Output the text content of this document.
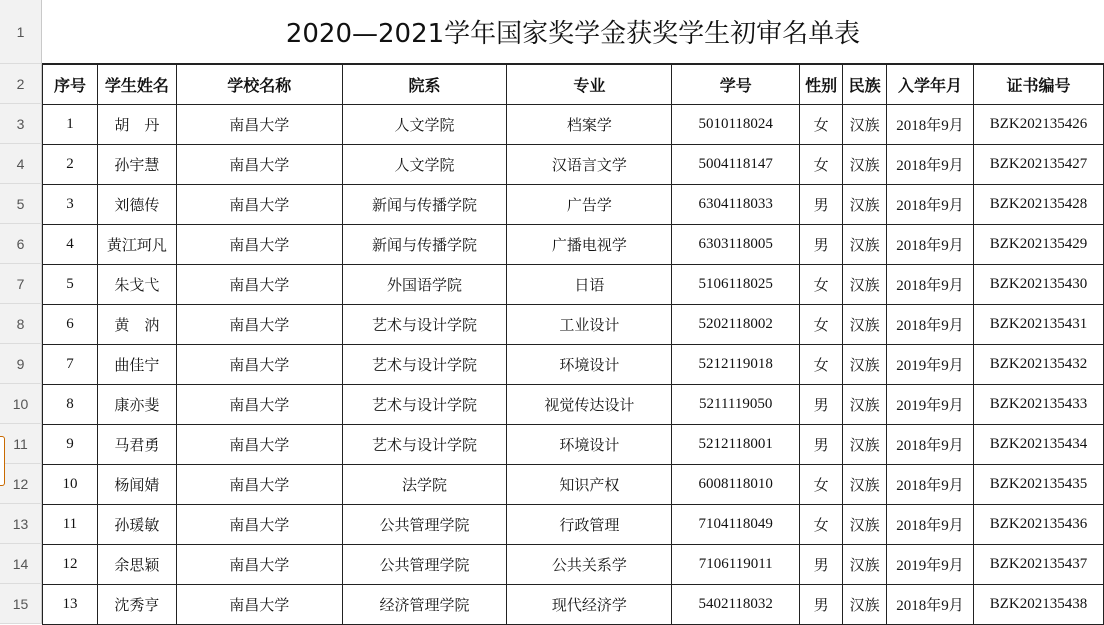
1
2
3
4
5
6
7
8
9
10
11
12
13
14
15
2020—2021学年国家奖学金获奖学生初审名单表
序号	学生姓名	学校名称	院系	专业	学号	性别	民族	入学年月	证书编号
1	胡　丹	南昌大学	人文学院	档案学	5010118024	女	汉族	2018年9月	BZK202135426
2	孙宇慧	南昌大学	人文学院	汉语言文学	5004118147	女	汉族	2018年9月	BZK202135427
3	刘德传	南昌大学	新闻与传播学院	广告学	6304118033	男	汉族	2018年9月	BZK202135428
4	黄江珂凡	南昌大学	新闻与传播学院	广播电视学	6303118005	男	汉族	2018年9月	BZK202135429
5	朱戈弋	南昌大学	外国语学院	日语	5106118025	女	汉族	2018年9月	BZK202135430
6	黄　汭	南昌大学	艺术与设计学院	工业设计	5202118002	女	汉族	2018年9月	BZK202135431
7	曲佳宁	南昌大学	艺术与设计学院	环境设计	5212119018	女	汉族	2019年9月	BZK202135432
8	康亦斐	南昌大学	艺术与设计学院	视觉传达设计	5211119050	男	汉族	2019年9月	BZK202135433
9	马君勇	南昌大学	艺术与设计学院	环境设计	5212118001	男	汉族	2018年9月	BZK202135434
10	杨闻婧	南昌大学	法学院	知识产权	6008118010	女	汉族	2018年9月	BZK202135435
11	孙瑗敏	南昌大学	公共管理学院	行政管理	7104118049	女	汉族	2018年9月	BZK202135436
12	余思颖	南昌大学	公共管理学院	公共关系学	7106119011	男	汉族	2019年9月	BZK202135437
13	沈秀亨	南昌大学	经济管理学院	现代经济学	5402118032	男	汉族	2018年9月	BZK202135438
